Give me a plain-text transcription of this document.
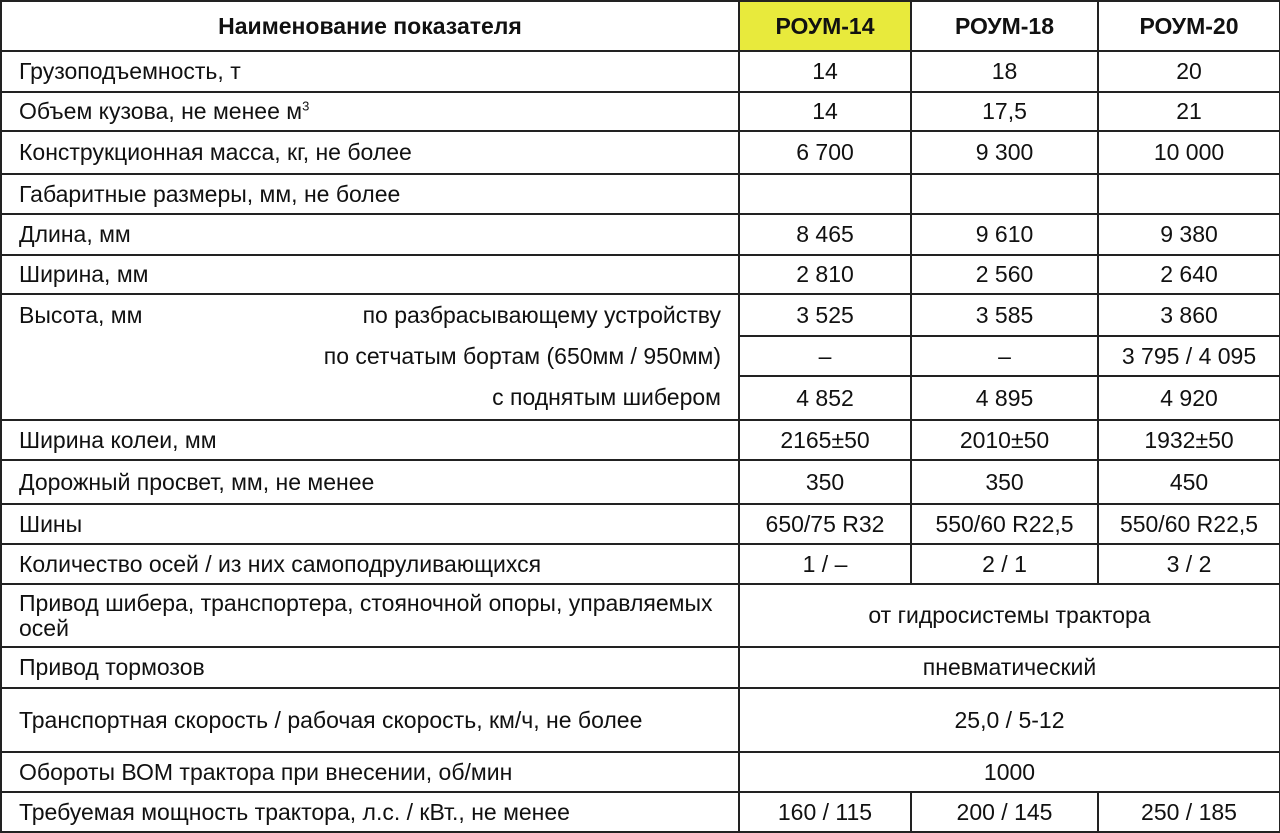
Наименование показателя	РОУМ-14	РОУМ-18	РОУМ-20
Грузоподъемность, т	14	18	20
Объем кузова, не менее $м^3$	14	17,5	21
Конструкционная масса, кг, не более	6 700	9 300	10 000
Габаритные размеры, мм, не более			
Длина, мм	8 465	9 610	9 380
Ширина, мм	2 810	2 560	2 640

Высота, мм по разбрасывающему устройству	3 525	3 585	3 860
по сетчатым бортам (650мм / 950мм)	–	–	3 795 / 4 095
с поднятым шибером	4 852	4 895	4 920
Ширина колеи, мм	2165±50	2010±50	1932±50
Дорожный просвет, мм, не менее	350	350	450
Шины	650/75 R32	550/60 R22,5	550/60 R22,5
Количество осей / из них самоподруливающихся	1 / –	2 / 1	3 / 2
Привод шибера, транспортера, стояночной опоры, управляемых осей	от гидросистемы трактора		
Привод тормозов	пневматический		
Транспортная скорость / рабочая скорость, км/ч, не более	25,0 / 5-12		
Обороты ВОМ трактора при внесении, об/мин	1000		
Требуемая мощность трактора, л.с. / кВт., не менее	160 / 115	200 / 145	250 / 185
